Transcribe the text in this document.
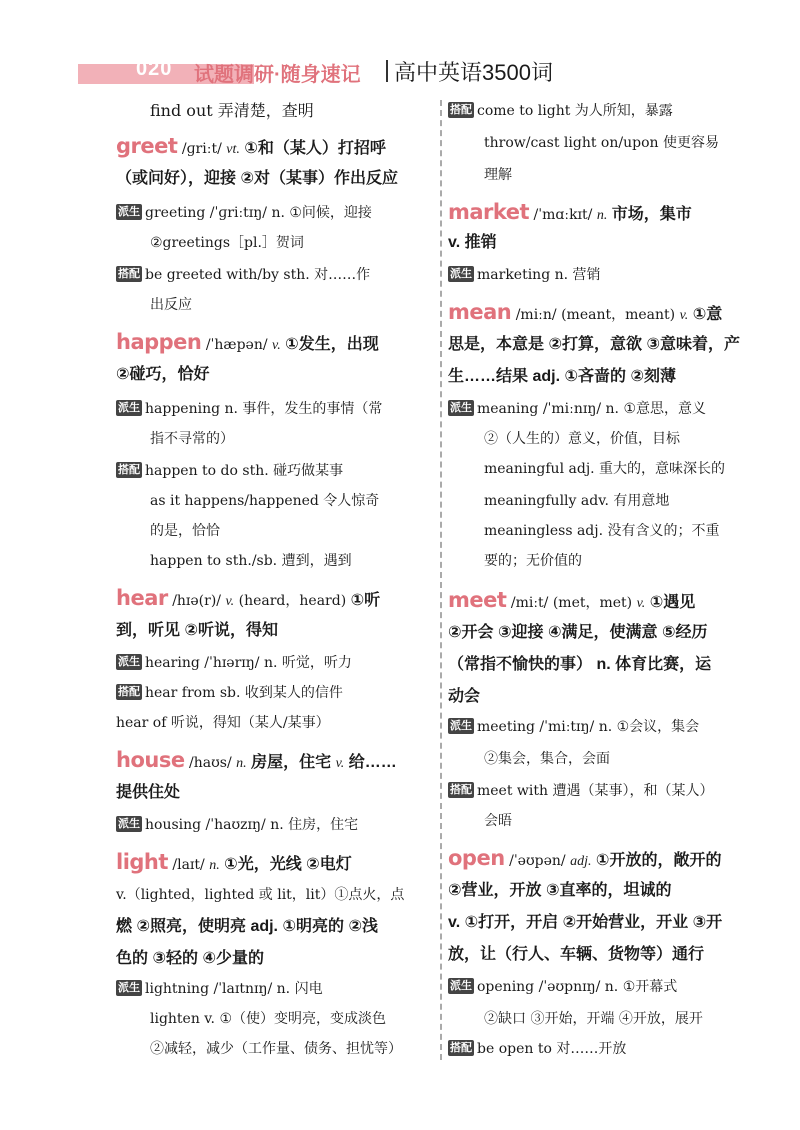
020 试题调研·随身速记 高中英语3500词
find out 弄清楚，查明
greet /ɡriːt/ vt. ①和（某人）打招呼
（或问好），迎接 ②对（某事）作出反应
派生 greeting /ˈɡriːtɪŋ/ n. ①问候，迎接
②greetings［pl.］贺词
搭配 be greeted with/by sth. 对……作
出反应
happen /ˈhæpən/ v. ①发生，出现
②碰巧，恰好
派生 happening n. 事件，发生的事情（常
指不寻常的）
搭配 happen to do sth. 碰巧做某事
as it happens/happened 令人惊奇
的是，恰恰
happen to sth./sb. 遭到，遇到
hear /hɪə(r)/ v. (heard，heard) ①听
到，听见 ②听说，得知
派生 hearing /ˈhɪərɪŋ/ n. 听觉，听力
搭配 hear from sb. 收到某人的信件
hear of 听说，得知（某人/某事）
house /haʊs/ n. 房屋，住宅 v. 给……
提供住处
派生 housing /ˈhaʊzɪŋ/ n. 住房，住宅
light /laɪt/ n. ①光，光线 ②电灯
v.（lighted，lighted 或 lit，lit）①点火，点
燃 ②照亮，使明亮 adj. ①明亮的 ②浅
色的 ③轻的 ④少量的
派生 lightning /ˈlaɪtnɪŋ/ n. 闪电
lighten v. ①（使）变明亮，变成淡色
②减轻，减少（工作量、债务、担忧等）
搭配 come to light 为人所知，暴露
throw/cast light on/upon 使更容易
理解
market /ˈmɑːkɪt/ n. 市场，集市
v. 推销
派生 marketing n. 营销
mean /miːn/ (meant，meant) v. ①意
思是，本意是 ②打算，意欲 ③意味着，产
生……结果 adj. ①吝啬的 ②刻薄
派生 meaning /ˈmiːnɪŋ/ n. ①意思，意义
②（人生的）意义，价值，目标
meaningful adj. 重大的，意味深长的
meaningfully adv. 有用意地
meaningless adj. 没有含义的；不重
要的；无价值的
meet /miːt/ (met，met) v. ①遇见
②开会 ③迎接 ④满足，使满意 ⑤经历
（常指不愉快的事） n. 体育比赛，运
动会
派生 meeting /ˈmiːtɪŋ/ n. ①会议，集会
②集会，集合，会面
搭配 meet with 遭遇（某事），和（某人）
会晤
open /ˈəʊpən/ adj. ①开放的，敞开的
②营业，开放 ③直率的，坦诚的
v. ①打开，开启 ②开始营业，开业 ③开
放，让（行人、车辆、货物等）通行
派生 opening /ˈəʊpnɪŋ/ n. ①开幕式
②缺口 ③开始，开端 ④开放，展开
搭配 be open to 对……开放
